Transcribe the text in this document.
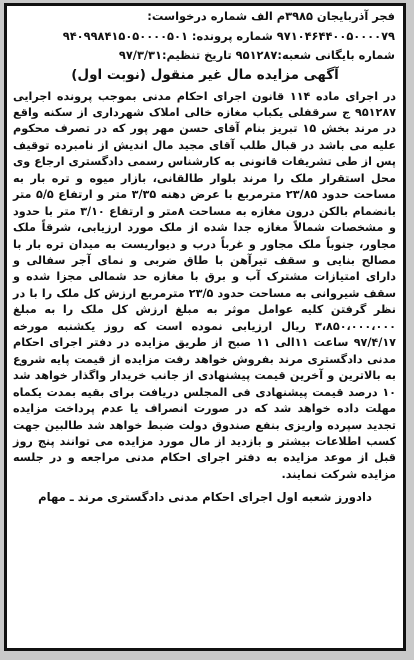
فجر آذربایجان ۳۹۸۵م الف شماره درخواست:
۹۷۱۰۴۶۴۴۰۰۵۰۰۰۰۷۹ شماره پرونده: ۹۴۰۹۹۸۴۱۵۰۵۰۰۰۰۵۰۱
شماره بایگانی شعبه:۹۵۱۲۸۷ تاریخ تنظیم:۹۷/۳/۳۱
آگهی مزایده مال غیر منقول (نوبت اول)
در اجرای ماده ۱۱۴ قانون اجرای احکام مدنی بموجب پرونده اجرایی ۹۵۱۲۸۷ ج سرقفلی یکباب مغازه خالی املاک شهرداری از سکنه واقع در مرند بخش ۱۵ تبریز بنام آقای حسن مهر پور که در تصرف محکوم علیه می باشد در قبال طلب آقای مجید مال اندیش از نامبرده توقیف پس از طی تشریفات قانونی به کارشناس رسمی دادگستری ارجاع وی محل استقرار ملک را مرند بلوار طالقانی، بازار میوه و تره بار به مساحت حدود ۲۳/۸۵ مترمربع با عرض دهنه ۳/۳۵ متر و ارتفاع ۵/۵ متر بانضمام بالکن درون مغازه به مساحت ۸متر و ارتفاع ۳/۱۰ متر با حدود و مشخصات شمالاً مغازه جدا شده از ملک مورد ارزیابی، شرقاً ملک مجاور، جنوباً ملک مجاور و غرباً درب و دیواریست به میدان تره بار با مصالح بنایی و سقف تیرآهن با طاق ضربی و نمای آجر سفالی و دارای امتیازات مشترک آب و برق با مغازه حد شمالی مجزا شده و سقف شیروانی به مساحت حدود ۲۳/۵ مترمربع ارزش کل ملک را با در نظر گرفتن کلیه عوامل موثر به مبلغ ارزش کل ملک را به مبلغ ۳،۸۵۰،۰۰۰،۰۰۰ ریال ارزیابی نموده است که روز یکشنبه مورخه ۹۷/۴/۱۷ ساعت ۱۱الی ۱۱ صبح از طریق مزایده در دفتر اجرای احکام مدنی دادگستری مرند بفروش خواهد رفت مزایده از قیمت پایه شروع به بالاترین و آخرین قیمت پیشنهادی از جانب خریدار واگذار خواهد شد ۱۰ درصد قیمت پیشنهادی فی المجلس دریافت برای بقیه بمدت یکماه مهلت داده خواهد شد که در صورت انصراف یا عدم پرداخت مزایده تجدید سپرده واریزی بنفع صندوق دولت ضبط خواهد شد طالبین جهت کسب اطلاعات بیشتر و بازدید از مال مورد مزایده می توانند پنج روز قبل از موعد مزایده به دفتر اجرای احکام مدنی مراجعه و در جلسه مزایده شرکت نمایند.
دادورز شعبه اول اجرای احکام مدنی دادگستری مرند ـ مهام
